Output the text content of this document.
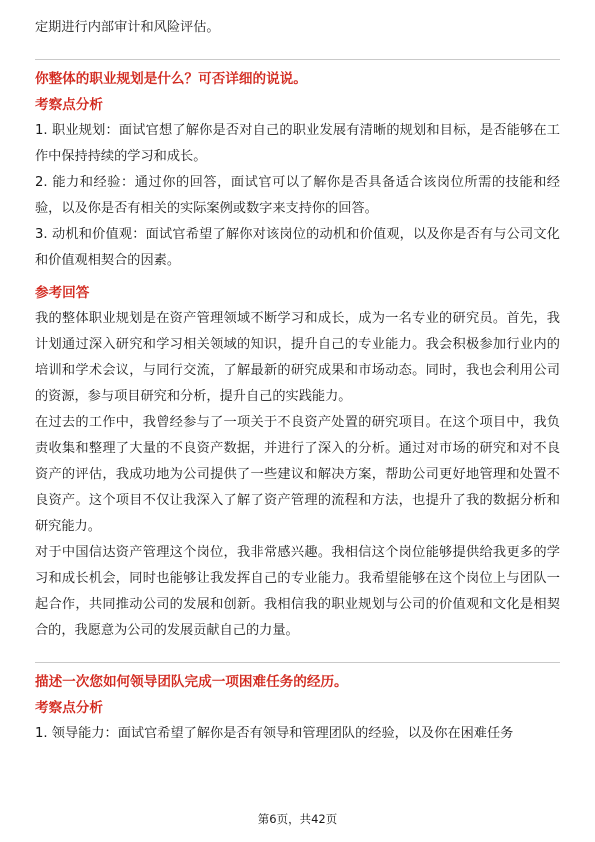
定期进行内部审计和风险评估。

你整体的职业规划是什么？可否详细的说说。

考察点分析

1. 职业规划：面试官想了解你是否对自己的职业发展有清晰的规划和目标，是否能够在工作中保持持续的学习和成长。

2. 能力和经验：通过你的回答，面试官可以了解你是否具备适合该岗位所需的技能和经验，以及你是否有相关的实际案例或数字来支持你的回答。

3. 动机和价值观：面试官希望了解你对该岗位的动机和价值观，以及你是否有与公司文化和价值观相契合的因素。

参考回答

我的整体职业规划是在资产管理领域不断学习和成长，成为一名专业的研究员。首先，我计划通过深入研究和学习相关领域的知识，提升自己的专业能力。我会积极参加行业内的培训和学术会议，与同行交流，了解最新的研究成果和市场动态。同时，我也会利用公司的资源，参与项目研究和分析，提升自己的实践能力。

在过去的工作中，我曾经参与了一项关于不良资产处置的研究项目。在这个项目中，我负责收集和整理了大量的不良资产数据，并进行了深入的分析。通过对市场的研究和对不良资产的评估，我成功地为公司提供了一些建议和解决方案，帮助公司更好地管理和处置不良资产。这个项目不仅让我深入了解了资产管理的流程和方法，也提升了我的数据分析和研究能力。

对于中国信达资产管理这个岗位，我非常感兴趣。我相信这个岗位能够提供给我更多的学习和成长机会，同时也能够让我发挥自己的专业能力。我希望能够在这个岗位上与团队一起合作，共同推动公司的发展和创新。我相信我的职业规划与公司的价值观和文化是相契合的，我愿意为公司的发展贡献自己的力量。

描述一次您如何领导团队完成一项困难任务的经历。

考察点分析

1. 领导能力：面试官希望了解你是否有领导和管理团队的经验，以及你在困难任务

第6页，共42页
